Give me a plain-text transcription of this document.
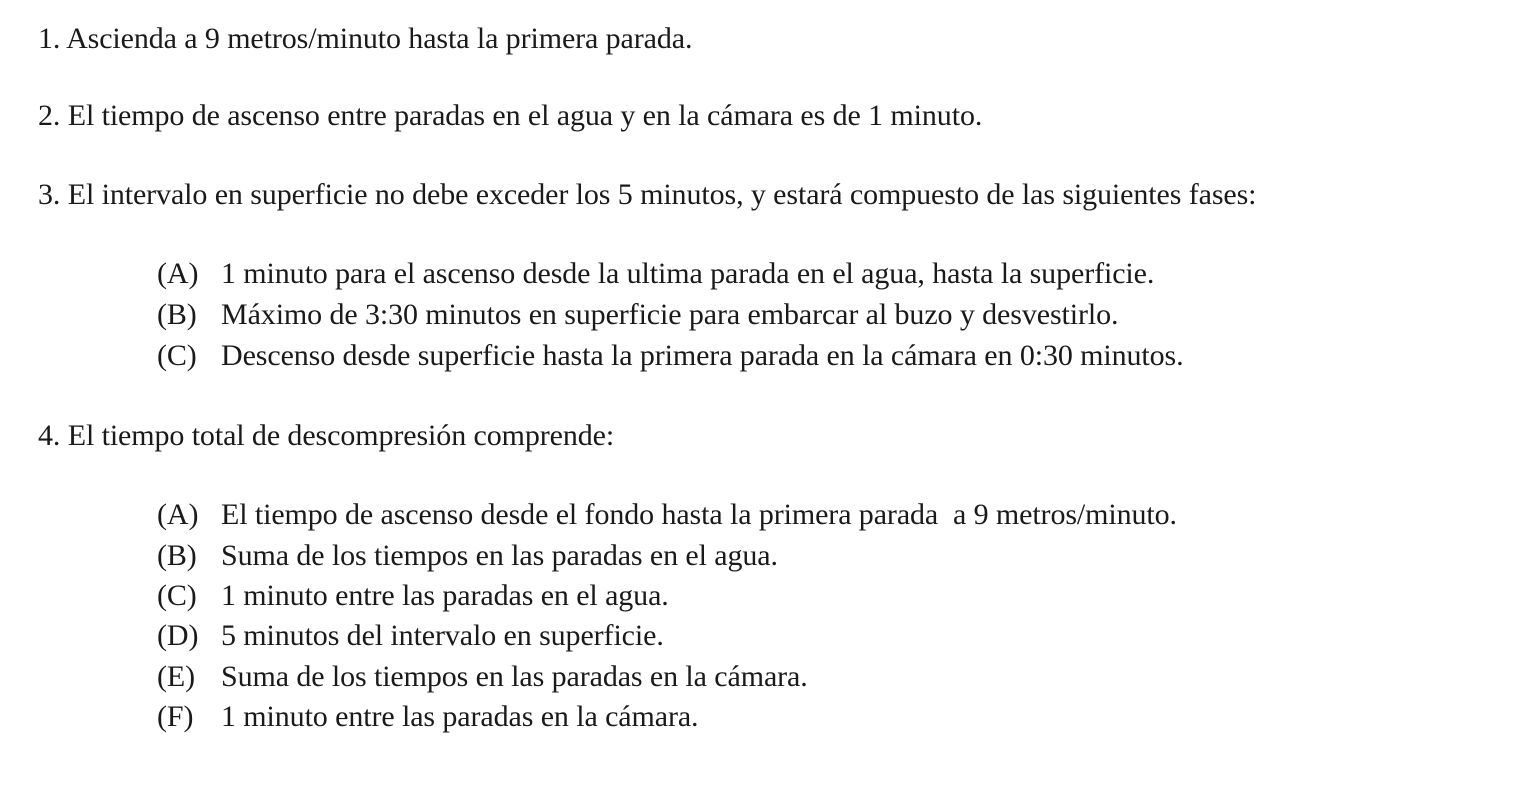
1. Ascienda a 9 metros/minuto hasta la primera parada.
2. El tiempo de ascenso entre paradas en el agua y en la cámara es de 1 minuto.
3. El intervalo en superficie no debe exceder los 5 minutos, y estará compuesto de las siguientes fases:
(A) 1 minuto para el ascenso desde la ultima parada en el agua, hasta la superficie.
(B) Máximo de 3:30 minutos en superficie para embarcar al buzo y desvestirlo.
(C) Descenso desde superficie hasta la primera parada en la cámara en 0:30 minutos.
4. El tiempo total de descompresión comprende:
(A) El tiempo de ascenso desde el fondo hasta la primera parada  a 9 metros/minuto.
(B) Suma de los tiempos en las paradas en el agua.
(C) 1 minuto entre las paradas en el agua.
(D) 5 minutos del intervalo en superficie.
(E) Suma de los tiempos en las paradas en la cámara.
(F) 1 minuto entre las paradas en la cámara.
